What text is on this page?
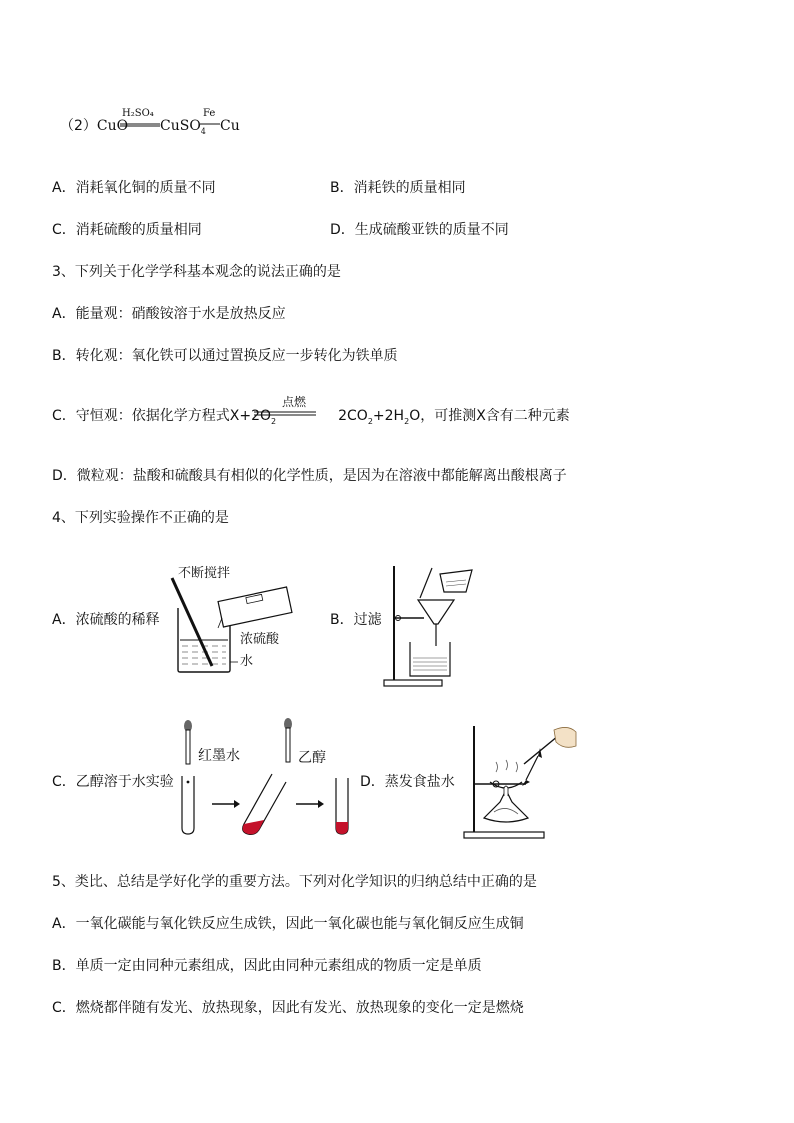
（2）CuO
H₂SO₄
CuSO$_4$
Fe
Cu
A．消耗氧化铜的质量不同	B．消耗铁的质量相同
C．消耗硫酸的质量相同	D．生成硫酸亚铁的质量不同
3、下列关于化学学科基本观念的说法正确的是
A．能量观：硝酸铵溶于水是放热反应
B．转化观：氧化铁可以通过置换反应一步转化为铁单质
C．守恒观：依据化学方程式$X+2O_2$	$2CO_2+2H_2O$，可推测X含有二种元素
点燃
D．微粒观：盐酸和硫酸具有相似的化学性质，是因为在溶液中都能解离出酸根离子
4、下列实验操作不正确的是
A．浓硫酸的稀释
不断搅拌
浓硫酸
水
B．过滤
C．乙醇溶于水实验
红墨水	乙醇
D．蒸发食盐水
5、类比、总结是学好化学的重要方法。下列对化学知识的归纳总结中正确的是
A．一氧化碳能与氧化铁反应生成铁，因此一氧化碳也能与氧化铜反应生成铜
B．单质一定由同种元素组成，因此由同种元素组成的物质一定是单质
C．燃烧都伴随有发光、放热现象，因此有发光、放热现象的变化一定是燃烧
